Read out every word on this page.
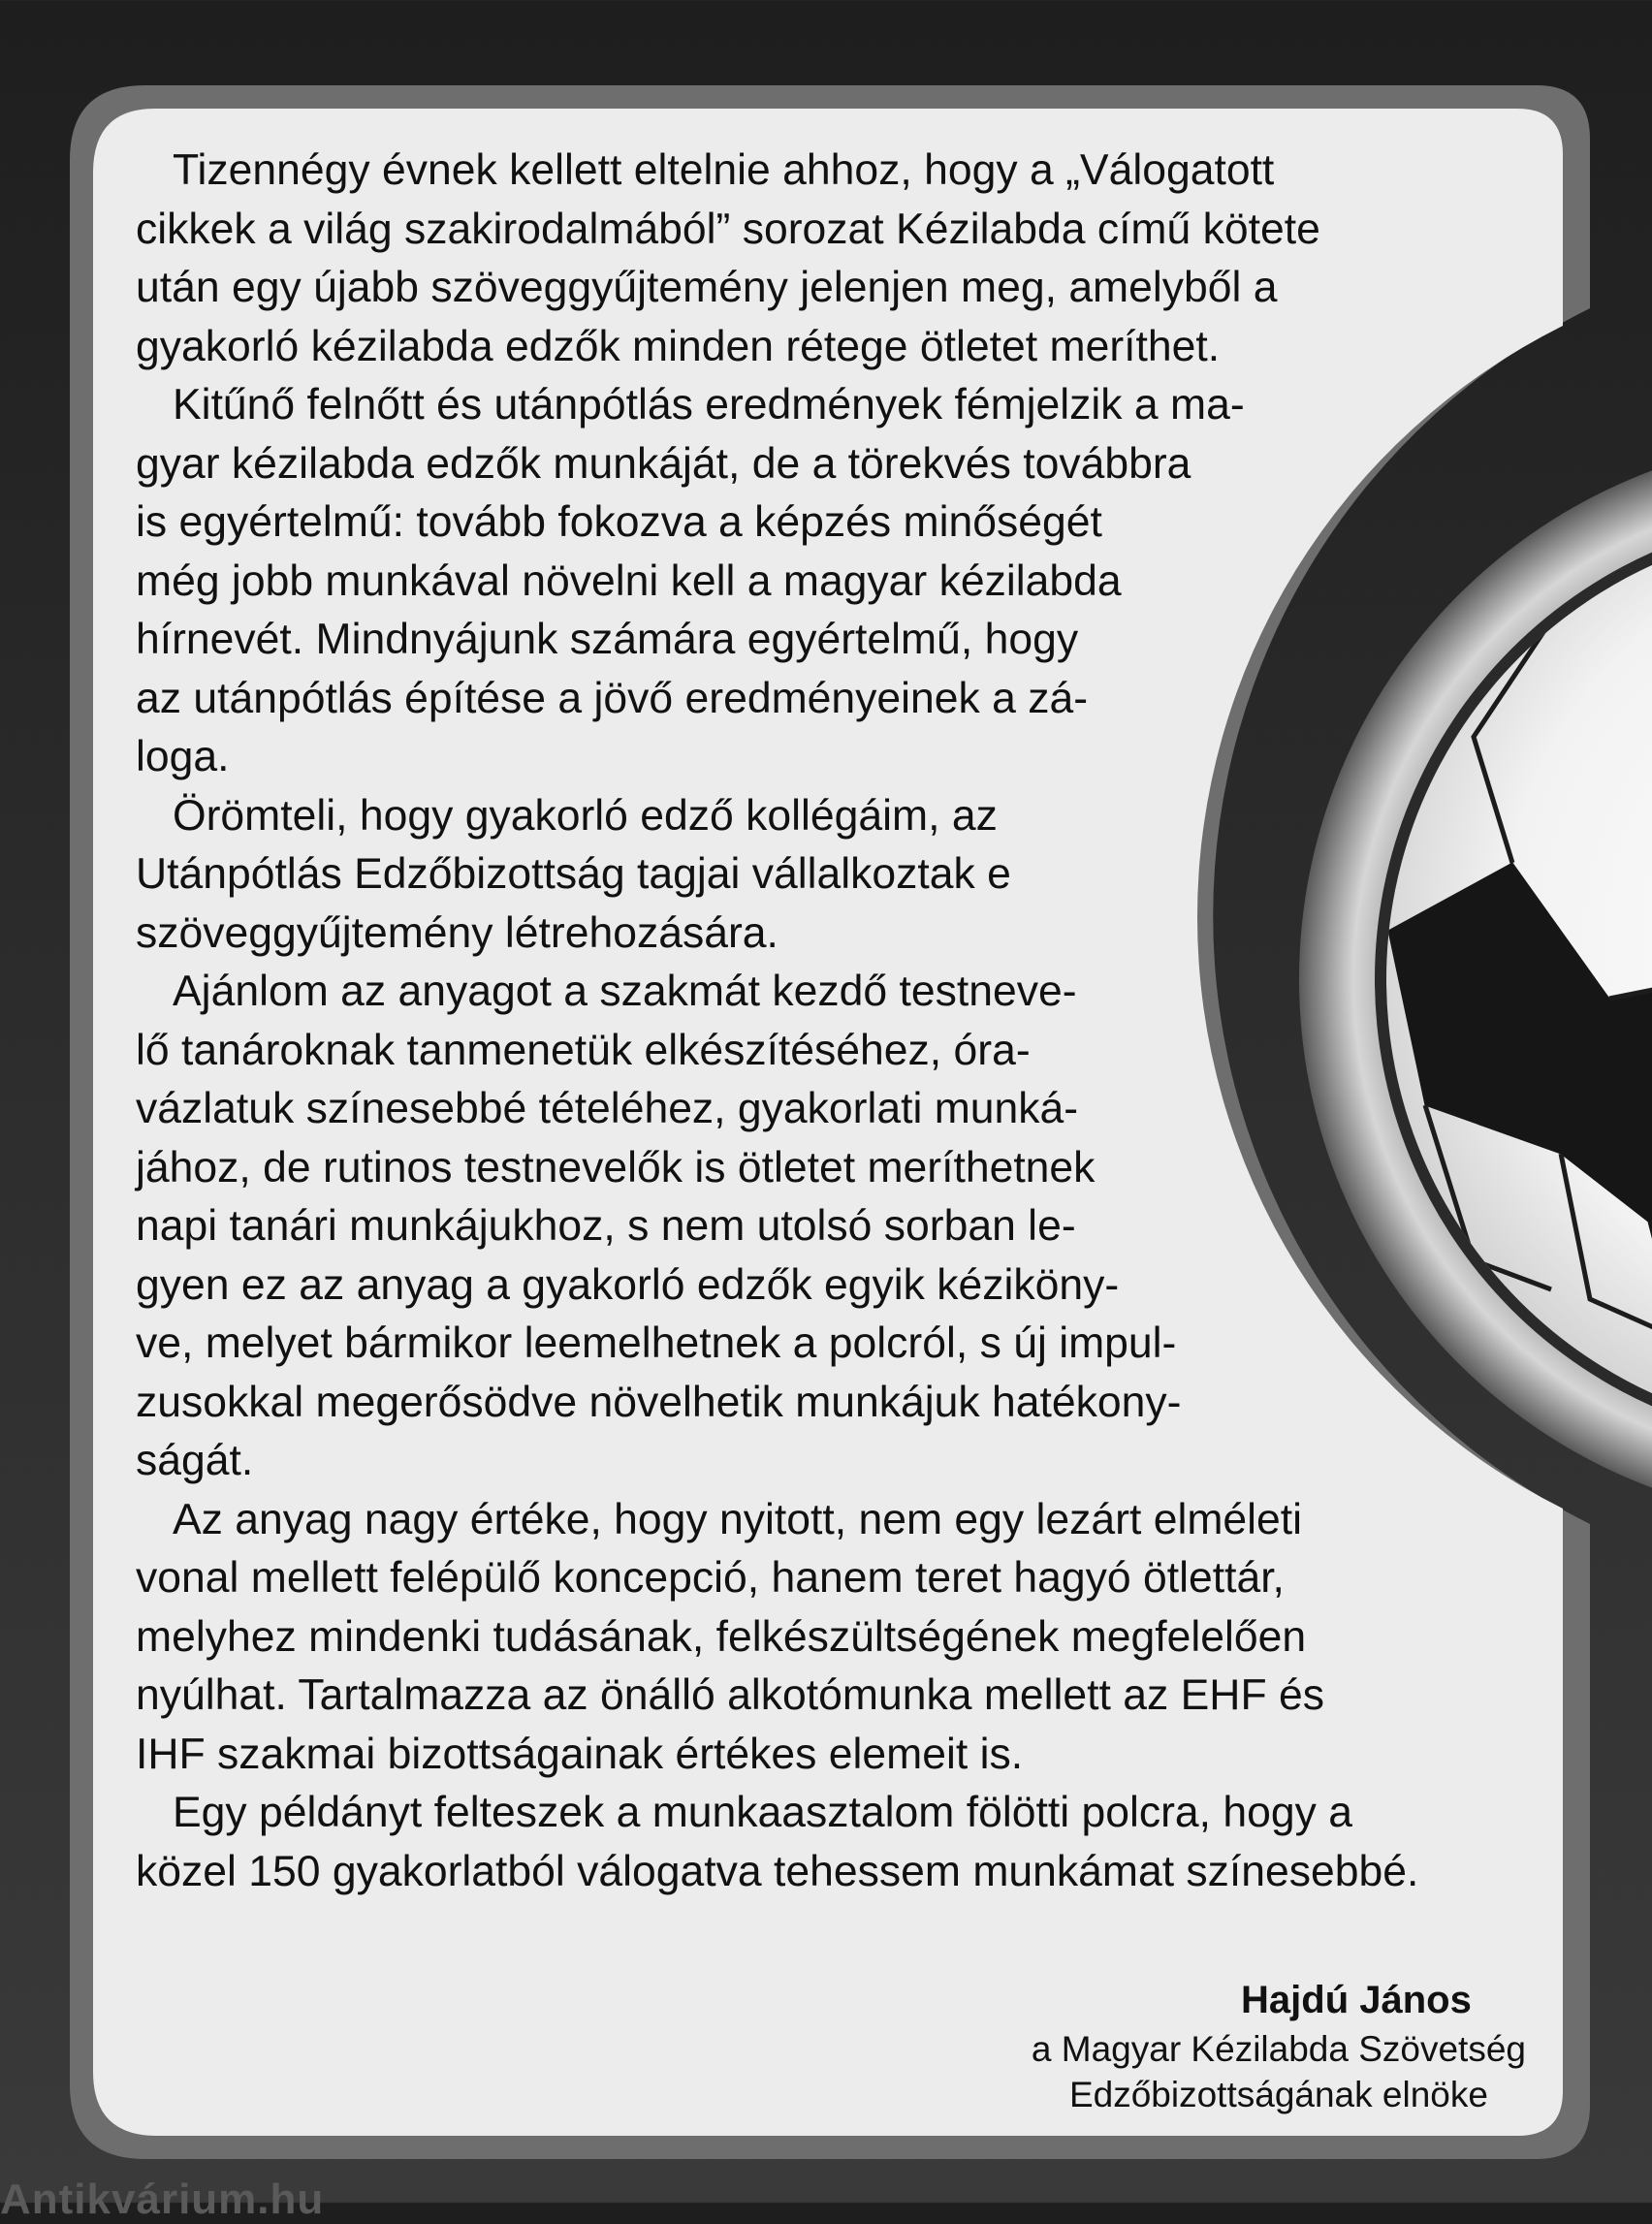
Tizennégy évnek kellett eltelnie ahhoz, hogy a „Válogatott
cikkek a világ szakirodalmából” sorozat Kézilabda című kötete
után egy újabb szöveggyűjtemény jelenjen meg, amelyből a
gyakorló kézilabda edzők minden rétege ötletet meríthet.

Kitűnő felnőtt és utánpótlás eredmények fémjelzik a ma-
gyar kézilabda edzők munkáját, de a törekvés továbbra
is egyértelmű: tovább fokozva a képzés minőségét
még jobb munkával növelni kell a magyar kézilabda
hírnevét. Mindnyájunk számára egyértelmű, hogy
az utánpótlás építése a jövő eredményeinek a zá-
loga.

Örömteli, hogy gyakorló edző kollégáim, az
Utánpótlás Edzőbizottság tagjai vállalkoztak e
szöveggyűjtemény létrehozására.

Ajánlom az anyagot a szakmát kezdő testneve-
lő tanároknak tanmenetük elkészítéséhez, óra-
vázlatuk színesebbé tételéhez, gyakorlati munká-
jához, de rutinos testnevelők is ötletet meríthetnek
napi tanári munkájukhoz, s nem utolsó sorban le-
gyen ez az anyag a gyakorló edzők egyik kéziköny-
ve, melyet bármikor leemelhetnek a polcról, s új impul-
zusokkal megerősödve növelhetik munkájuk hatékony-
ságát.

Az anyag nagy értéke, hogy nyitott, nem egy lezárt elméleti
vonal mellett felépülő koncepció, hanem teret hagyó ötlettár,
melyhez mindenki tudásának, felkészültségének megfelelően
nyúlhat. Tartalmazza az önálló alkotómunka mellett az EHF és
IHF szakmai bizottságainak értékes elemeit is.

Egy példányt felteszek a munkaasztalom fölötti polcra, hogy a
közel 150 gyakorlatból válogatva tehessem munkámat színesebbé.

Hajdú János
a Magyar Kézilabda Szövetség
Edzőbizottságának elnöke
Antikvárium.hu
